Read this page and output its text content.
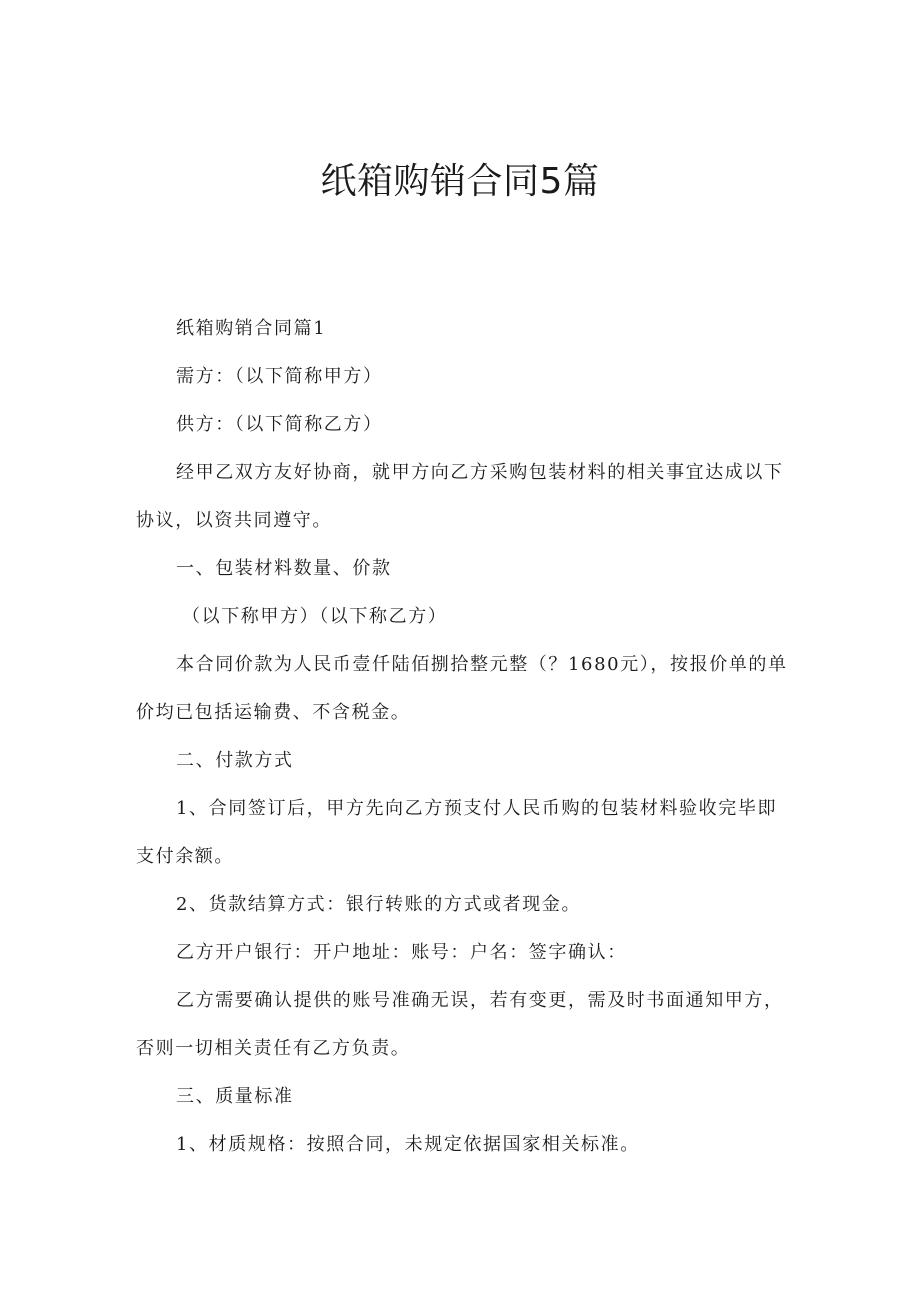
纸箱购销合同5篇

纸箱购销合同篇1

需方：（以下简称甲方）

供方：（以下简称乙方）

经甲乙双方友好协商，就甲方向乙方采购包装材料的相关事宜达成以下协议，以资共同遵守。

一、包装材料数量、价款

（以下称甲方）（以下称乙方）

本合同价款为人民币壹仟陆佰捌拾整元整（？1680元），按报价单的单价均已包括运输费、不含税金。

二、付款方式

1、合同签订后，甲方先向乙方预支付人民币购的包装材料验收完毕即支付余额。

2、货款结算方式：银行转账的方式或者现金。

乙方开户银行：开户地址：账号：户名：签字确认：

乙方需要确认提供的账号准确无误，若有变更，需及时书面通知甲方，否则一切相关责任有乙方负责。

三、质量标准

1、材质规格：按照合同，未规定依据国家相关标准。
